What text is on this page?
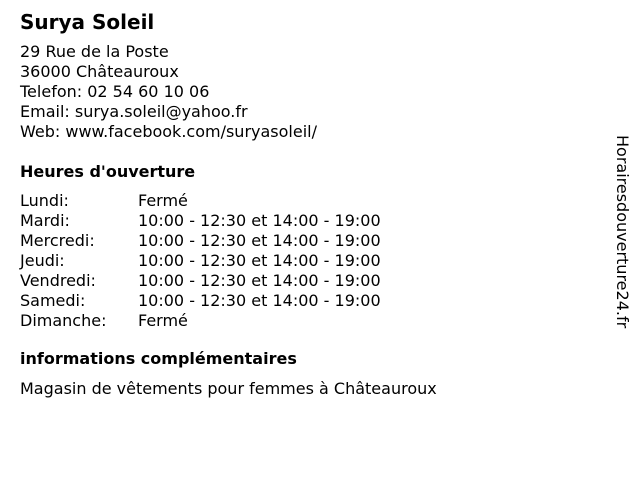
Surya Soleil
29 Rue de la Poste
36000 Châteauroux
Telefon: 02 54 60 10 06
Email: surya.soleil@yahoo.fr
Web: www.facebook.com/suryasoleil/
Heures d'ouverture
Lundi:	Fermé
Mardi:	10:00 - 12:30 et 14:00 - 19:00
Mercredi:	10:00 - 12:30 et 14:00 - 19:00
Jeudi:	10:00 - 12:30 et 14:00 - 19:00
Vendredi:	10:00 - 12:30 et 14:00 - 19:00
Samedi:	10:00 - 12:30 et 14:00 - 19:00
Dimanche:	Fermé
informations complémentaires
Magasin de vêtements pour femmes à Châteauroux
Horairesdouverture24.fr
